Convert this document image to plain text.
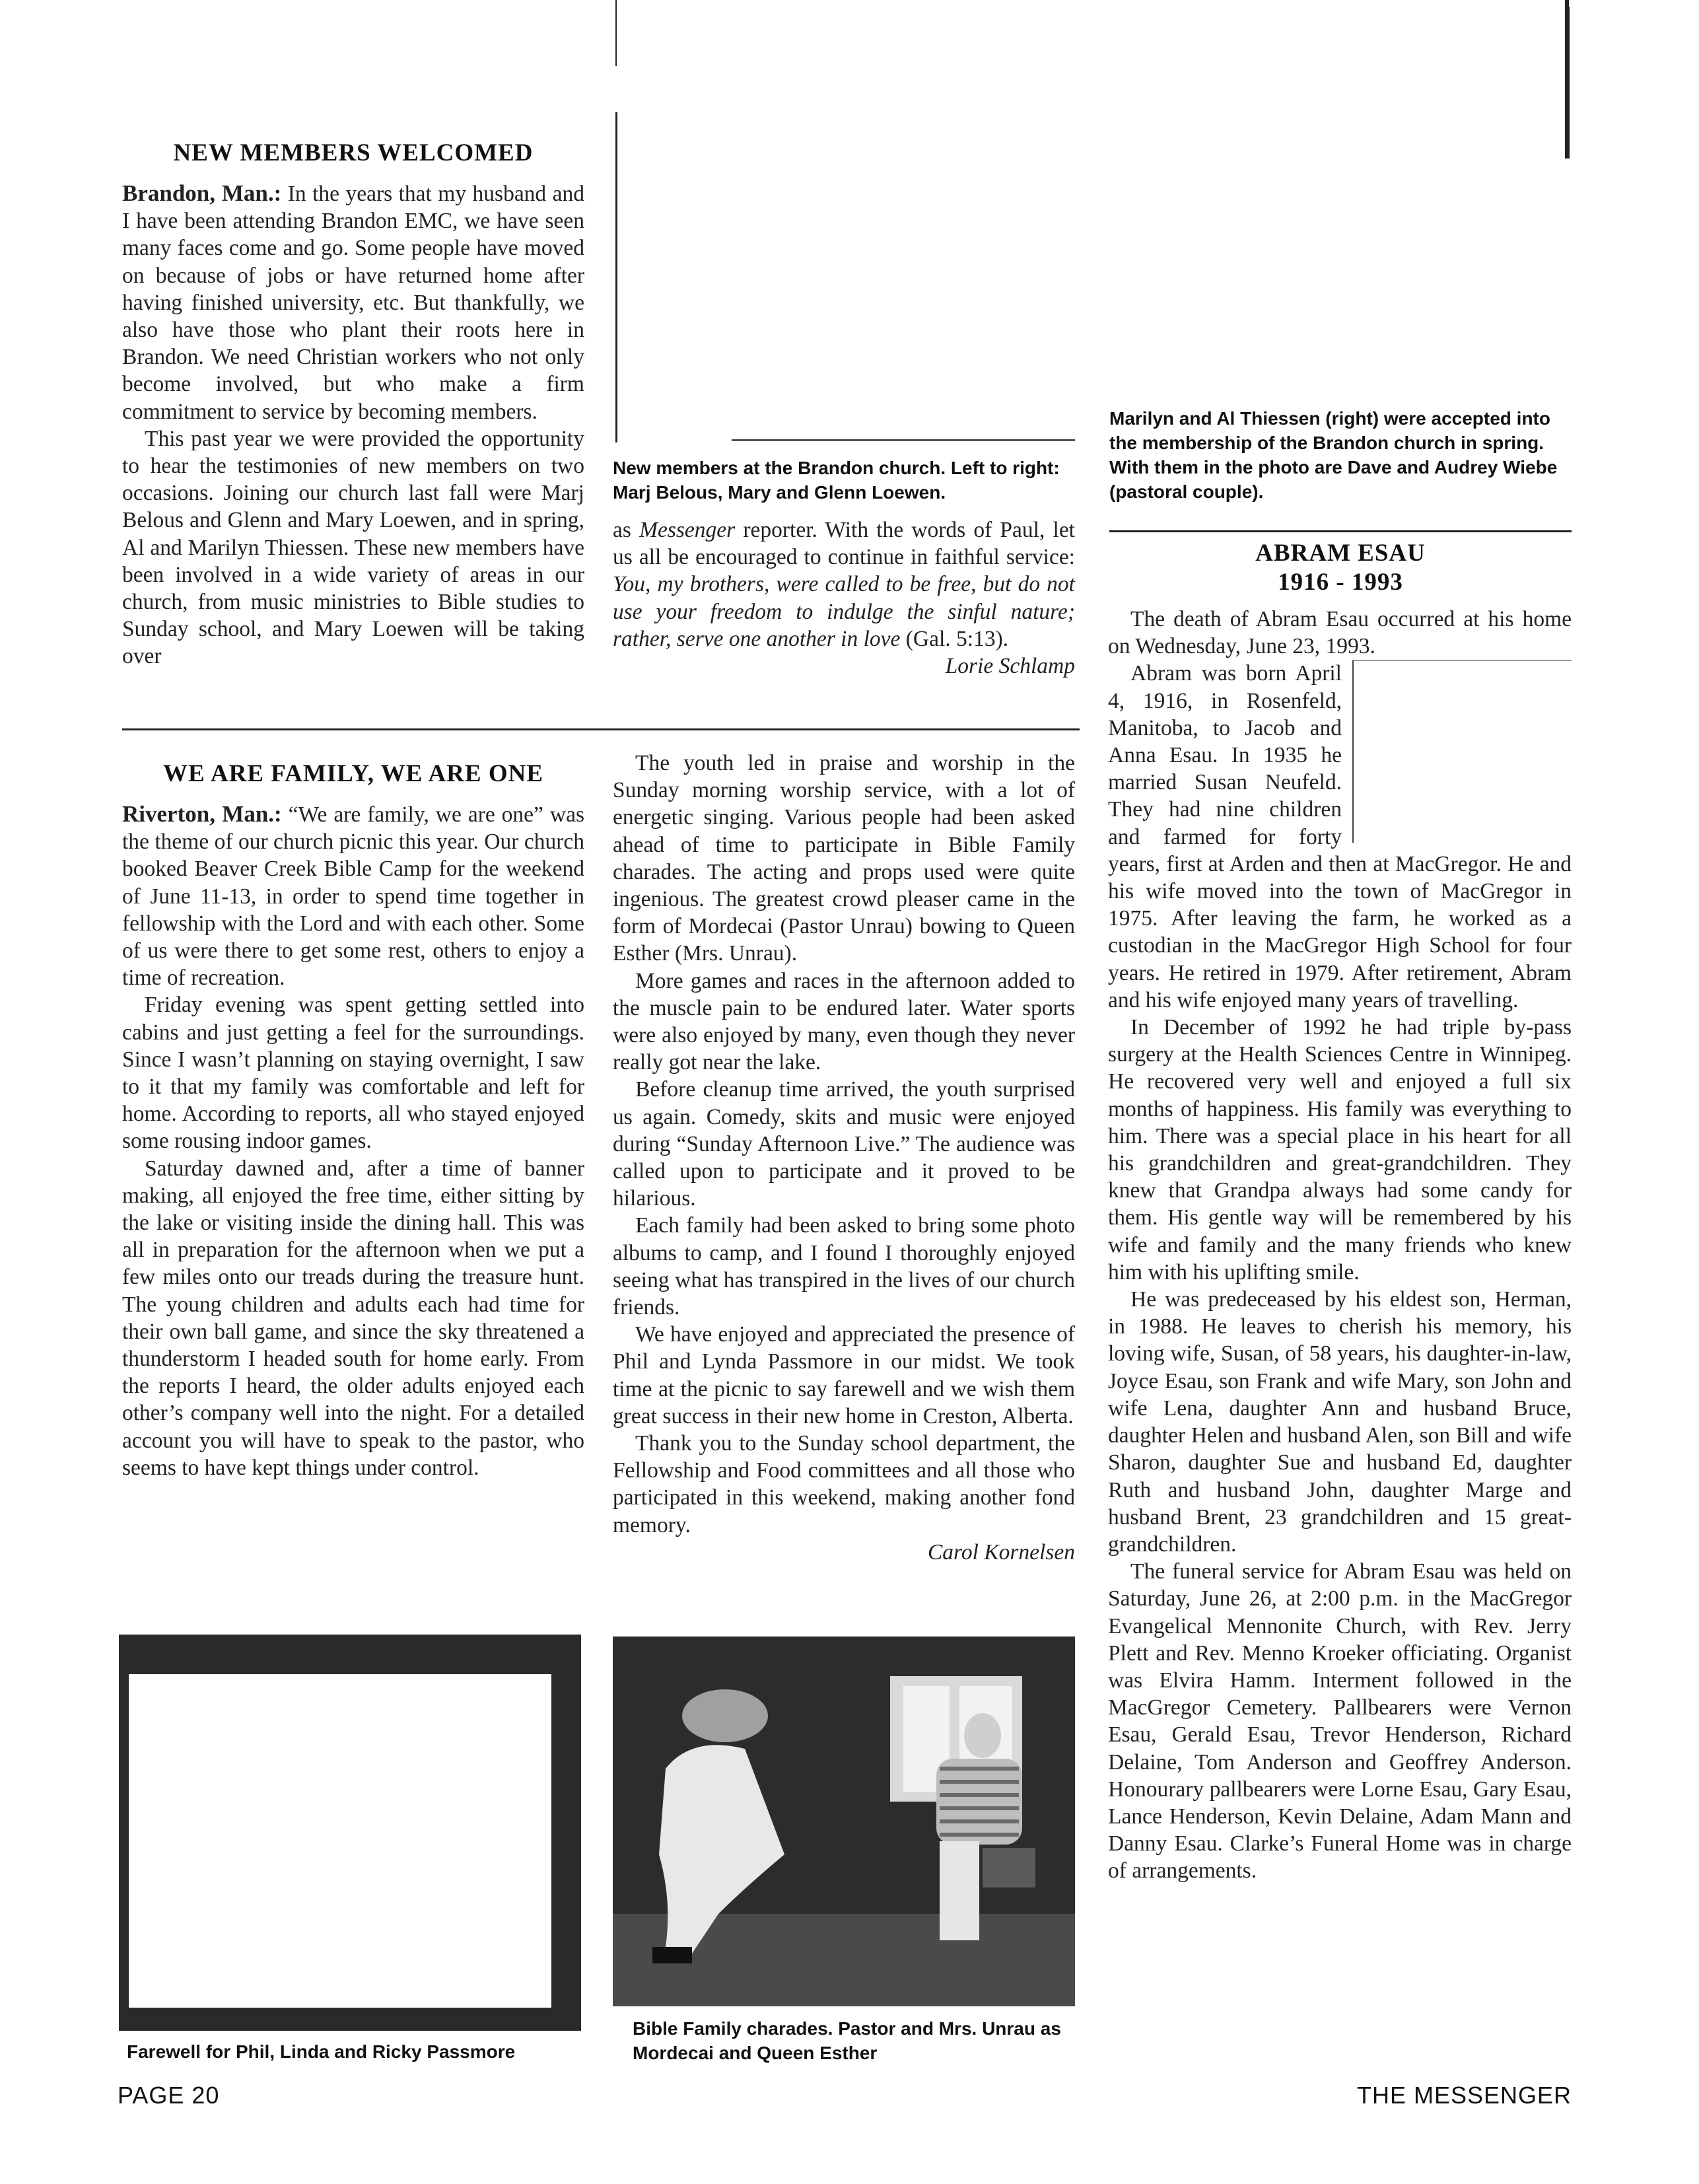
NEW MEMBERS WELCOMED

Brandon, Man.: In the years that my husband and I have been attending Brandon EMC, we have seen many faces come and go. Some people have moved on because of jobs or have returned home after having finished university, etc. But thankfully, we also have those who plant their roots here in Brandon. We need Christian workers who not only become involved, but who make a firm commitment to service by becoming members.

This past year we were provided the opportunity to hear the testimonies of new members on two occasions. Joining our church last fall were Marj Belous and Glenn and Mary Loewen, and in spring, Al and Marilyn Thiessen. These new members have been involved in a wide variety of areas in our church, from music ministries to Bible studies to Sunday school, and Mary Loewen will be taking over

New members at the Brandon church. Left to right: Marj Belous, Mary and Glenn Loewen.

as Messenger reporter. With the words of Paul, let us all be encouraged to continue in faithful service: You, my brothers, were called to be free, but do not use your freedom to indulge the sinful nature; rather, serve one another in love (Gal. 5:13).

Lorie Schlamp

Marilyn and Al Thiessen (right) were accepted into the membership of the Brandon church in spring. With them in the photo are Dave and Audrey Wiebe (pastoral couple).
WE ARE FAMILY, WE ARE ONE

Riverton, Man.: “We are family, we are one” was the theme of our church picnic this year. Our church booked Beaver Creek Bible Camp for the weekend of June 11-13, in order to spend time together in fellowship with the Lord and with each other. Some of us were there to get some rest, others to enjoy a time of recreation.

Friday evening was spent getting settled into cabins and just getting a feel for the surroundings. Since I wasn’t planning on staying overnight, I saw to it that my family was comfortable and left for home. According to reports, all who stayed enjoyed some rousing indoor games.

Saturday dawned and, after a time of banner making, all enjoyed the free time, either sitting by the lake or visiting inside the dining hall. This was all in preparation for the afternoon when we put a few miles onto our treads during the treasure hunt. The young children and adults each had time for their own ball game, and since the sky threatened a thunderstorm I headed south for home early. From the reports I heard, the older adults enjoyed each other’s company well into the night. For a detailed account you will have to speak to the pastor, who seems to have kept things under control.

The youth led in praise and worship in the Sunday morning worship service, with a lot of energetic singing. Various people had been asked ahead of time to participate in Bible Family charades. The acting and props used were quite ingenious. The greatest crowd pleaser came in the form of Mordecai (Pastor Unrau) bowing to Queen Esther (Mrs. Unrau).

More games and races in the afternoon added to the muscle pain to be endured later. Water sports were also enjoyed by many, even though they never really got near the lake.

Before cleanup time arrived, the youth surprised us again. Comedy, skits and music were enjoyed during “Sunday Afternoon Live.” The audience was called upon to participate and it proved to be hilarious.

Each family had been asked to bring some photo albums to camp, and I found I thoroughly enjoyed seeing what has transpired in the lives of our church friends.

We have enjoyed and appreciated the presence of Phil and Lynda Passmore in our midst. We took time at the picnic to say farewell and we wish them great success in their new home in Creston, Alberta.

Thank you to the Sunday school department, the Fellowship and Food committees and all those who participated in this weekend, making another fond memory.

Carol Kornelsen

Farewell for Phil, Linda and Ricky Passmore
Bible Family charades. Pastor and Mrs. Unrau as Mordecai and Queen Esther
ABRAM ESAU
1916 - 1993

The death of Abram Esau occurred at his home on Wednesday, June 23, 1993.

Abram was born April 4, 1916, in Rosenfeld, Manitoba, to Jacob and Anna Esau. In 1935 he married Susan Neufeld. They had nine children and farmed for forty years, first at Arden and then at MacGregor. He and his wife moved into the town of MacGregor in 1975. After leaving the farm, he worked as a custodian in the MacGregor High School for four years. He retired in 1979. After retirement, Abram and his wife enjoyed many years of travelling.

In December of 1992 he had triple by-pass surgery at the Health Sciences Centre in Winnipeg. He recovered very well and enjoyed a full six months of happiness. His family was everything to him. There was a special place in his heart for all his grandchildren and great-grandchildren. They knew that Grandpa always had some candy for them. His gentle way will be remembered by his wife and family and the many friends who knew him with his uplifting smile.

He was predeceased by his eldest son, Herman, in 1988. He leaves to cherish his memory, his loving wife, Susan, of 58 years, his daughter-in-law, Joyce Esau, son Frank and wife Mary, son John and wife Lena, daughter Ann and husband Bruce, daughter Helen and husband Alen, son Bill and wife Sharon, daughter Sue and husband Ed, daughter Ruth and husband John, daughter Marge and husband Brent, 23 grandchildren and 15 great-grandchildren.

The funeral service for Abram Esau was held on Saturday, June 26, at 2:00 p.m. in the MacGregor Evangelical Mennonite Church, with Rev. Jerry Plett and Rev. Menno Kroeker officiating. Organist was Elvira Hamm. Interment followed in the MacGregor Cemetery. Pallbearers were Vernon Esau, Gerald Esau, Trevor Henderson, Richard Delaine, Tom Anderson and Geoffrey Anderson. Honourary pallbearers were Lorne Esau, Gary Esau, Lance Henderson, Kevin Delaine, Adam Mann and Danny Esau. Clarke’s Funeral Home was in charge of arrangements.

PAGE 20	THE MESSENGER
